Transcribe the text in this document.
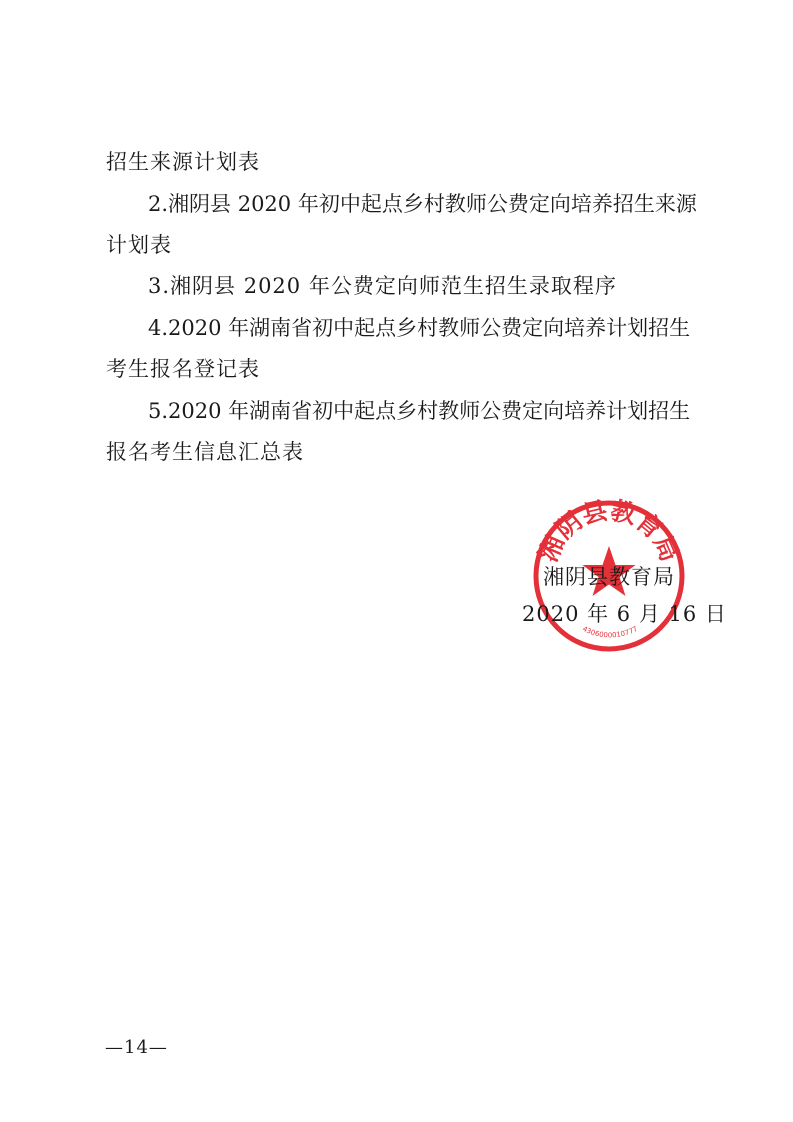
招生来源计划表
2.湘阴县 2020 年初中起点乡村教师公费定向培养招生来源
计划表
3.湘阴县 2020 年公费定向师范生招生录取程序
4.2020 年湖南省初中起点乡村教师公费定向培养计划招生
考生报名登记表
5.2020 年湖南省初中起点乡村教师公费定向培养计划招生
报名考生信息汇总表
湘阴县教育局
4306000010777
湘阴县教育局
2020 年 6 月 16 日
—14—
